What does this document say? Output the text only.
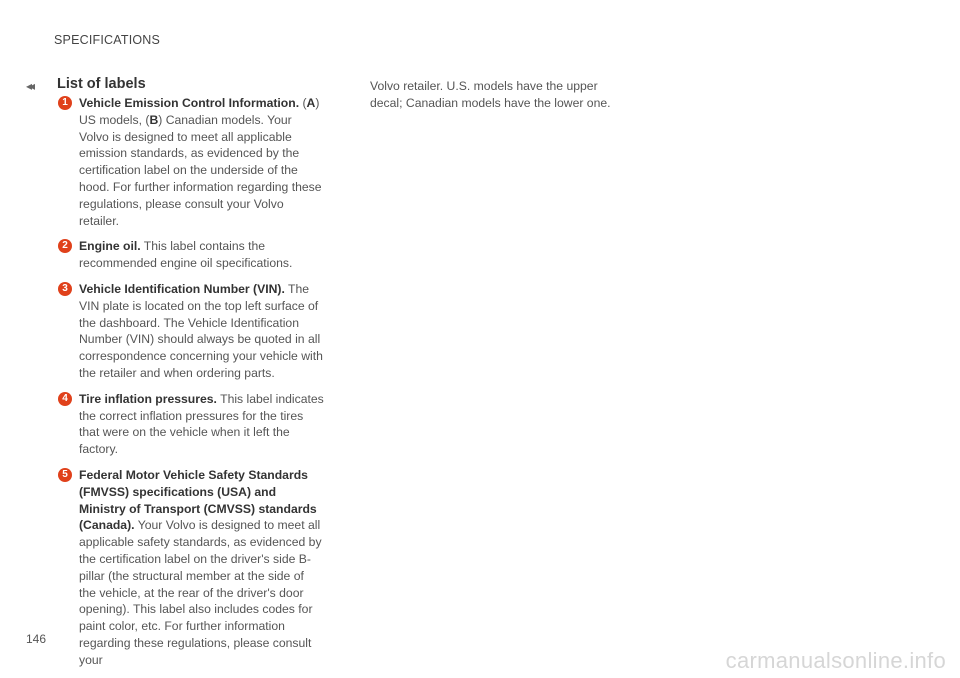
SPECIFICATIONS
◂◂ List of labels
1 Vehicle Emission Control Information. (A) US models, (B) Canadian models. Your Volvo is designed to meet all applicable emission standards, as evidenced by the certification label on the underside of the hood. For further information regarding these regulations, please consult your Volvo retailer.

2 Engine oil. This label contains the recommended engine oil specifications.

3 Vehicle Identification Number (VIN). The VIN plate is located on the top left surface of the dashboard. The Vehicle Identification Number (VIN) should always be quoted in all correspondence concerning your vehicle with the retailer and when ordering parts.

4 Tire inflation pressures. This label indicates the correct inflation pressures for the tires that were on the vehicle when it left the factory.

5 Federal Motor Vehicle Safety Standards (FMVSS) specifications (USA) and Ministry of Transport (CMVSS) standards (Canada). Your Volvo is designed to meet all applicable safety standards, as evidenced by the certification label on the driver's side B-pillar (the structural member at the side of the vehicle, at the rear of the driver's door opening). This label also includes codes for paint color, etc. For further information regarding these regulations, please consult your

Volvo retailer. U.S. models have the upper decal; Canadian models have the lower one.

146
carmanualsonline.info
